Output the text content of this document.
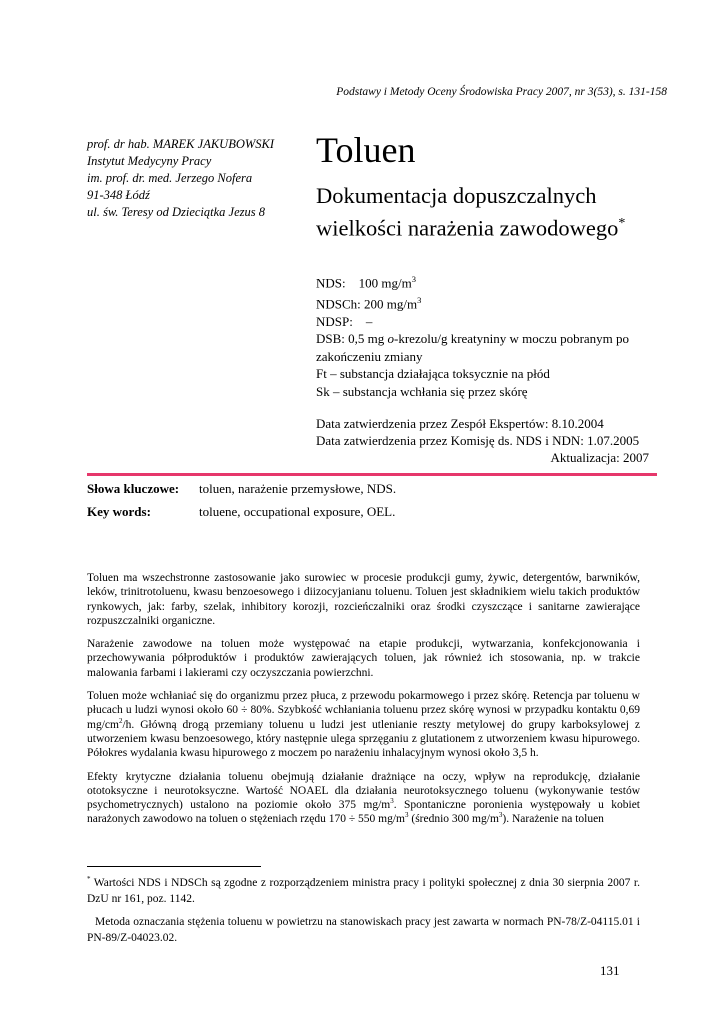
Podstawy i Metody Oceny Środowiska Pracy 2007, nr 3(53), s. 131-158
prof. dr hab. MAREK JAKUBOWSKI
Instytut Medycyny Pracy
im. prof. dr. med. Jerzego Nofera
91-348 Łódź
ul. św. Teresy od Dzieciątka Jezus 8
Toluen
Dokumentacja dopuszczalnych wielkości narażenia zawodowego*
NDS: 100 $mg/m^3$
NDSCh: 200 $mg/m^3$
NDSP: –
DSB: 0,5 mg o-krezolu/g kreatyniny w moczu pobranym po zakończeniu zmiany
Ft – substancja działająca toksycznie na płód
Sk – substancja wchłania się przez skórę
Data zatwierdzenia przez Zespół Ekspertów: 8.10.2004
Data zatwierdzenia przez Komisję ds. NDS i NDN: 1.07.2005
Aktualizacja: 2007
Słowa kluczowe: toluen, narażenie przemysłowe, NDS.
Key words:	toluene, occupational exposure, OEL.

Toluen ma wszechstronne zastosowanie jako surowiec w procesie produkcji gumy, żywic, detergentów, barwników, leków, trinitrotoluenu, kwasu benzoesowego i diizocyjanianu toluenu. Toluen jest składnikiem wielu takich produktów rynkowych, jak: farby, szelak, inhibitory korozji, rozcieńczalniki oraz środki czyszczące i sanitarne zawierające rozpuszczalniki organiczne.

Narażenie zawodowe na toluen może występować na etapie produkcji, wytwarzania, konfekcjonowania i przechowywania półproduktów i produktów zawierających toluen, jak również ich stosowania, np. w trakcie malowania farbami i lakierami czy oczyszczania powierzchni.

Toluen może wchłaniać się do organizmu przez płuca, z przewodu pokarmowego i przez skórę. Retencja par toluenu w płucach u ludzi wynosi około 60 ÷ 80%. Szybkość wchłaniania toluenu przez skórę wynosi w przypadku kontaktu 0,69 $mg/cm^2/h$. Główną drogą przemiany toluenu u ludzi jest utlenianie reszty metylowej do grupy karboksylowej z utworzeniem kwasu benzoesowego, który następnie ulega sprzęganiu z glutationem z utworzeniem kwasu hipurowego. Półokres wydalania kwasu hipurowego z moczem po narażeniu inhalacyjnym wynosi około 3,5 h.

Efekty krytyczne działania toluenu obejmują działanie drażniące na oczy, wpływ na reprodukcję, działanie ototoksyczne i neurotoksyczne. Wartość NOAEL dla działania neurotoksycznego toluenu (wykonywanie testów psychometrycznych) ustalono na poziomie około 375 $mg/m^3$. Spontaniczne poronienia występowały u kobiet narażonych zawodowo na toluen o stężeniach rzędu 170 ÷ 550 $mg/m^3$ (średnio 300 $mg/m^3$). Narażenie na toluen

* Wartości NDS i NDSCh są zgodne z rozporządzeniem ministra pracy i polityki społecznej z dnia 30 sierpnia 2007 r. DzU nr 161, poz. 1142.

Metoda oznaczania stężenia toluenu w powietrzu na stanowiskach pracy jest zawarta w normach PN-78/Z-04115.01 i PN-89/Z-04023.02.

131
